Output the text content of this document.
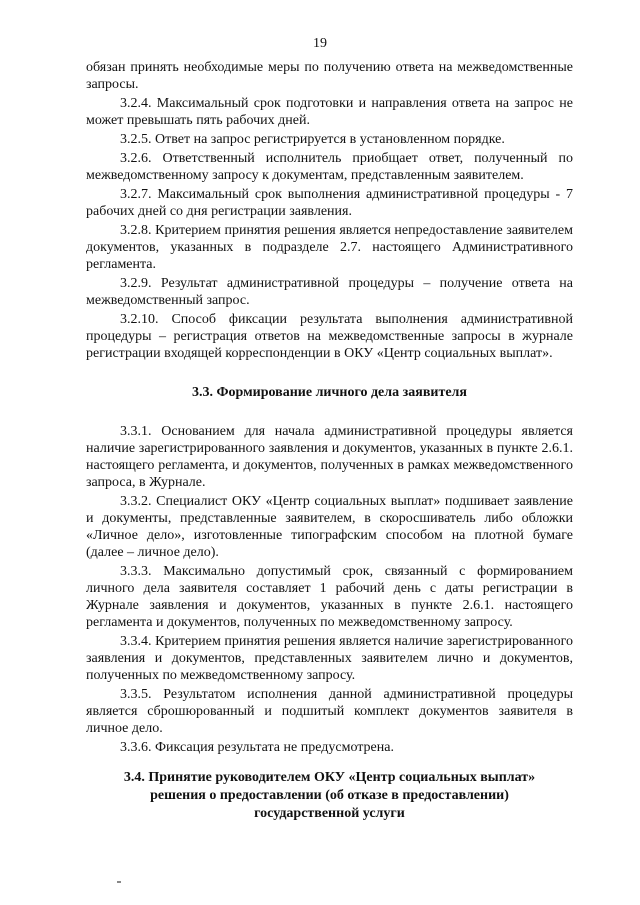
19

обязан принять необходимые меры по получению ответа на межведомственные запросы.

3.2.4. Максимальный срок подготовки и направления ответа на запрос не может превышать пять рабочих дней.

3.2.5. Ответ на запрос регистрируется в установленном порядке.

3.2.6. Ответственный исполнитель приобщает ответ, полученный по межведомственному запросу к документам, представленным заявителем.

3.2.7. Максимальный срок выполнения административной процедуры - 7 рабочих дней со дня регистрации заявления.

3.2.8. Критерием принятия решения является непредоставление заявителем документов, указанных в подразделе 2.7. настоящего Административного регламента.

3.2.9. Результат административной процедуры – получение ответа на межведомственный запрос.

3.2.10. Способ фиксации результата выполнения административной процедуры – регистрация ответов на межведомственные запросы в журнале регистрации входящей корреспонденции в ОКУ «Центр социальных выплат».

3.3. Формирование личного дела заявителя

3.3.1. Основанием для начала административной процедуры является наличие зарегистрированного заявления и документов, указанных в пункте 2.6.1. настоящего регламента, и документов, полученных в рамках межведомственного запроса, в Журнале.

3.3.2. Специалист ОКУ «Центр социальных выплат» подшивает заявление и документы, представленные заявителем, в скоросшиватель либо обложки «Личное дело», изготовленные типографским способом на плотной бумаге (далее – личное дело).

3.3.3. Максимально допустимый срок, связанный с формированием личного дела заявителя составляет 1 рабочий день с даты регистрации в Журнале заявления и документов, указанных в пункте 2.6.1. настоящего регламента и документов, полученных по межведомственному запросу.

3.3.4. Критерием принятия решения является наличие зарегистрированного заявления и документов, представленных заявителем лично и документов, полученных по межведомственному запросу.

3.3.5. Результатом исполнения данной административной процедуры является сброшюрованный и подшитый комплект документов заявителя в личное дело.

3.3.6. Фиксация результата не предусмотрена.

3.4. Принятие руководителем ОКУ «Центр социальных выплат»
решения о предоставлении (об отказе в предоставлении)
государственной услуги
